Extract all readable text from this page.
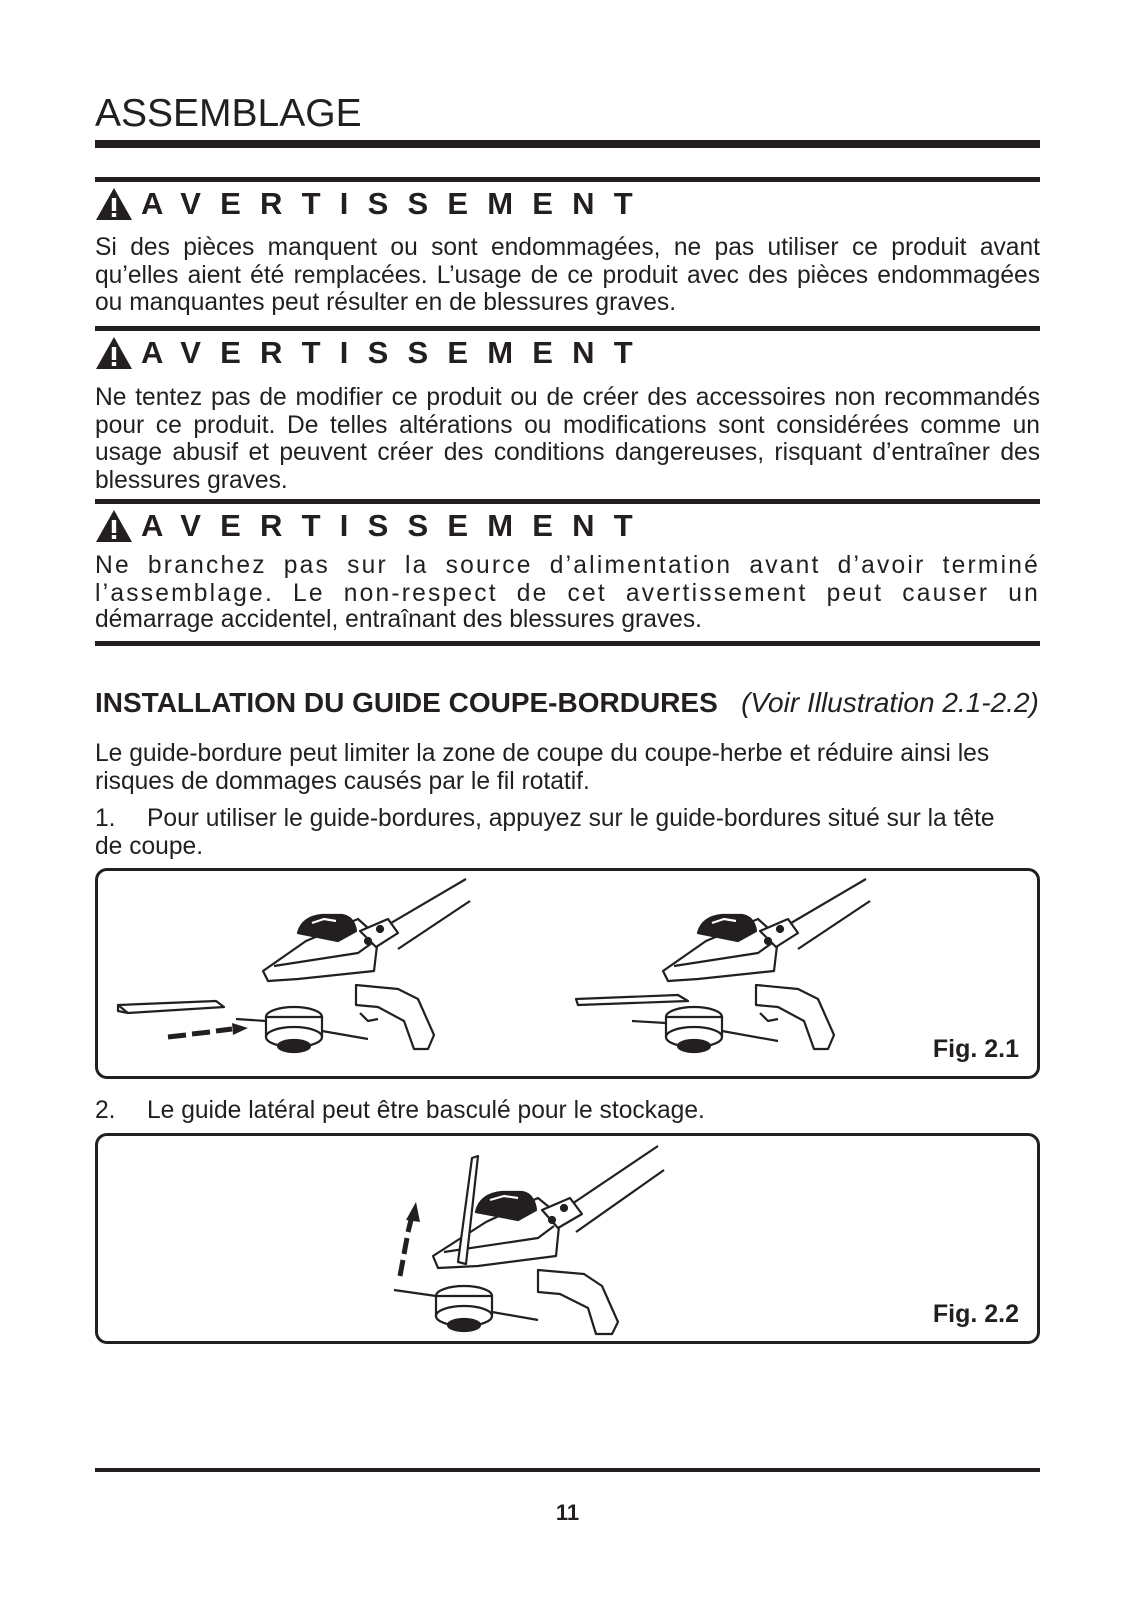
ASSEMBLAGE
AVERTISSEMENT
Si des pièces manquent ou sont endommagées, ne pas utiliser ce produit avant qu’elles aient été remplacées. L’usage de ce produit avec des pièces endommagées ou manquantes peut résulter en de blessures graves.
AVERTISSEMENT
Ne tentez pas de modifier ce produit ou de créer des accessoires non recommandés pour ce produit. De telles altérations ou modifications sont considérées comme un usage abusif et peuvent créer des conditions dangereuses, risquant d’entraîner des blessures graves.
AVERTISSEMENT
Ne branchez pas sur la source d’alimentation avant d’avoir terminé l’assemblage. Le non-respect de cet avertissement peut causer un
démarrage accidentel, entraînant des blessures graves.
INSTALLATION DU GUIDE COUPE-BORDURES (Voir Illustration 2.1-2.2)
Le guide-bordure peut limiter la zone de coupe du coupe-herbe et réduire ainsi les risques de dommages causés par le fil rotatif.
1. Pour utiliser le guide-bordures, appuyez sur le guide-bordures situé sur la tête de coupe.
Fig. 2.1
2. Le guide latéral peut être basculé pour le stockage.
Fig. 2.2
11
